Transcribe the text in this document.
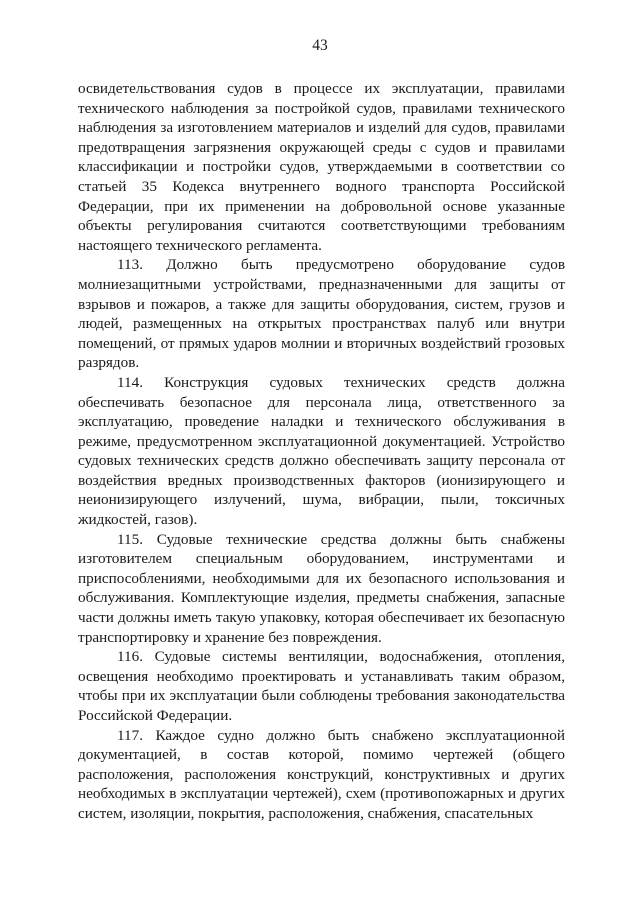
43

освидетельствования судов в процессе их эксплуатации, правилами технического наблюдения за постройкой судов, правилами технического наблюдения за изготовлением материалов и изделий для судов, правилами предотвращения загрязнения окружающей среды с судов и правилами классификации и постройки судов, утверждаемыми в соответствии со статьей 35 Кодекса внутреннего водного транспорта Российской Федерации, при их применении на добровольной основе указанные объекты регулирования считаются соответствующими требованиям настоящего технического регламента.

113. Должно быть предусмотрено оборудование судов молниезащитными устройствами, предназначенными для защиты от взрывов и пожаров, а также для защиты оборудования, систем, грузов и людей, размещенных на открытых пространствах палуб или внутри помещений, от прямых ударов молнии и вторичных воздействий грозовых разрядов.

114. Конструкция судовых технических средств должна обеспечивать безопасное для персонала лица, ответственного за эксплуатацию, проведение наладки и технического обслуживания в режиме, предусмотренном эксплуатационной документацией. Устройство судовых технических средств должно обеспечивать защиту персонала от воздействия вредных производственных факторов (ионизирующего и неионизирующего излучений, шума, вибрации, пыли, токсичных жидкостей, газов).

115. Судовые технические средства должны быть снабжены изготовителем специальным оборудованием, инструментами и приспособлениями, необходимыми для их безопасного использования и обслуживания. Комплектующие изделия, предметы снабжения, запасные части должны иметь такую упаковку, которая обеспечивает их безопасную транспортировку и хранение без повреждения.

116. Судовые системы вентиляции, водоснабжения, отопления, освещения необходимо проектировать и устанавливать таким образом, чтобы при их эксплуатации были соблюдены требования законодательства Российской Федерации.

117. Каждое судно должно быть снабжено эксплуатационной документацией, в состав которой, помимо чертежей (общего расположения, расположения конструкций, конструктивных и других необходимых в эксплуатации чертежей), схем (противопожарных и других систем, изоляции, покрытия, расположения, снабжения, спасательных
